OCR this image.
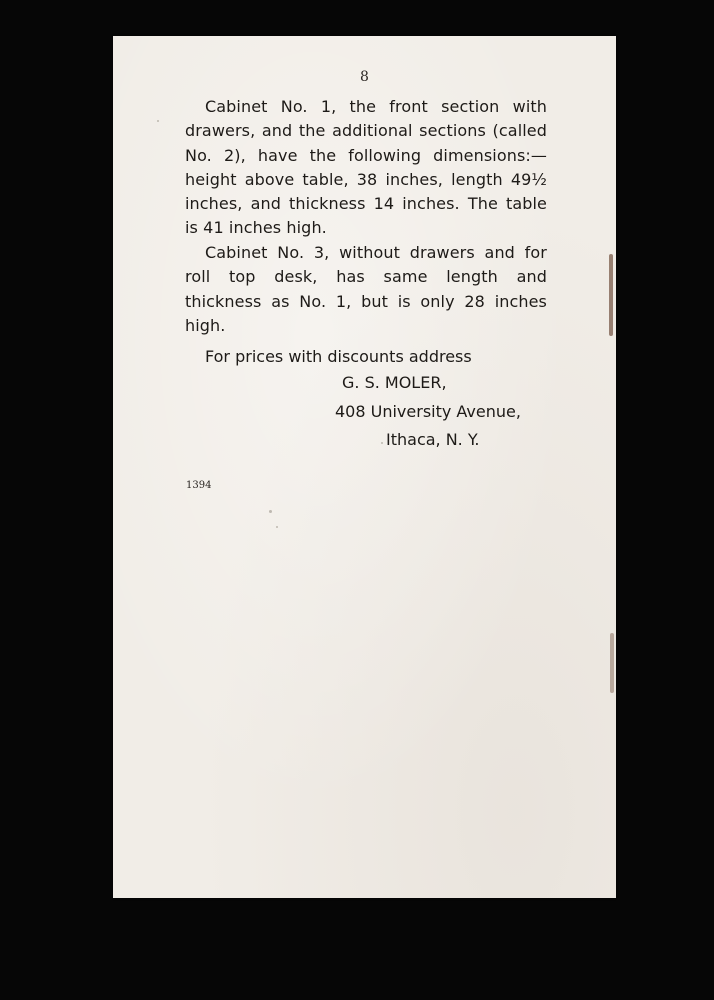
8

Cabinet No. 1, the front section with drawers, and the additional sections (called No. 2), have the following dimensions:—height above table, 38 inches, length 49½ inches, and thickness 14 inches. The table is 41 inches high.

Cabinet No. 3, without drawers and for roll top desk, has same length and thickness as No. 1, but is only 28 inches high.

For prices with discounts address
G. S. MOLER,
408 University Avenue,
Ithaca, N. Y.
1394
